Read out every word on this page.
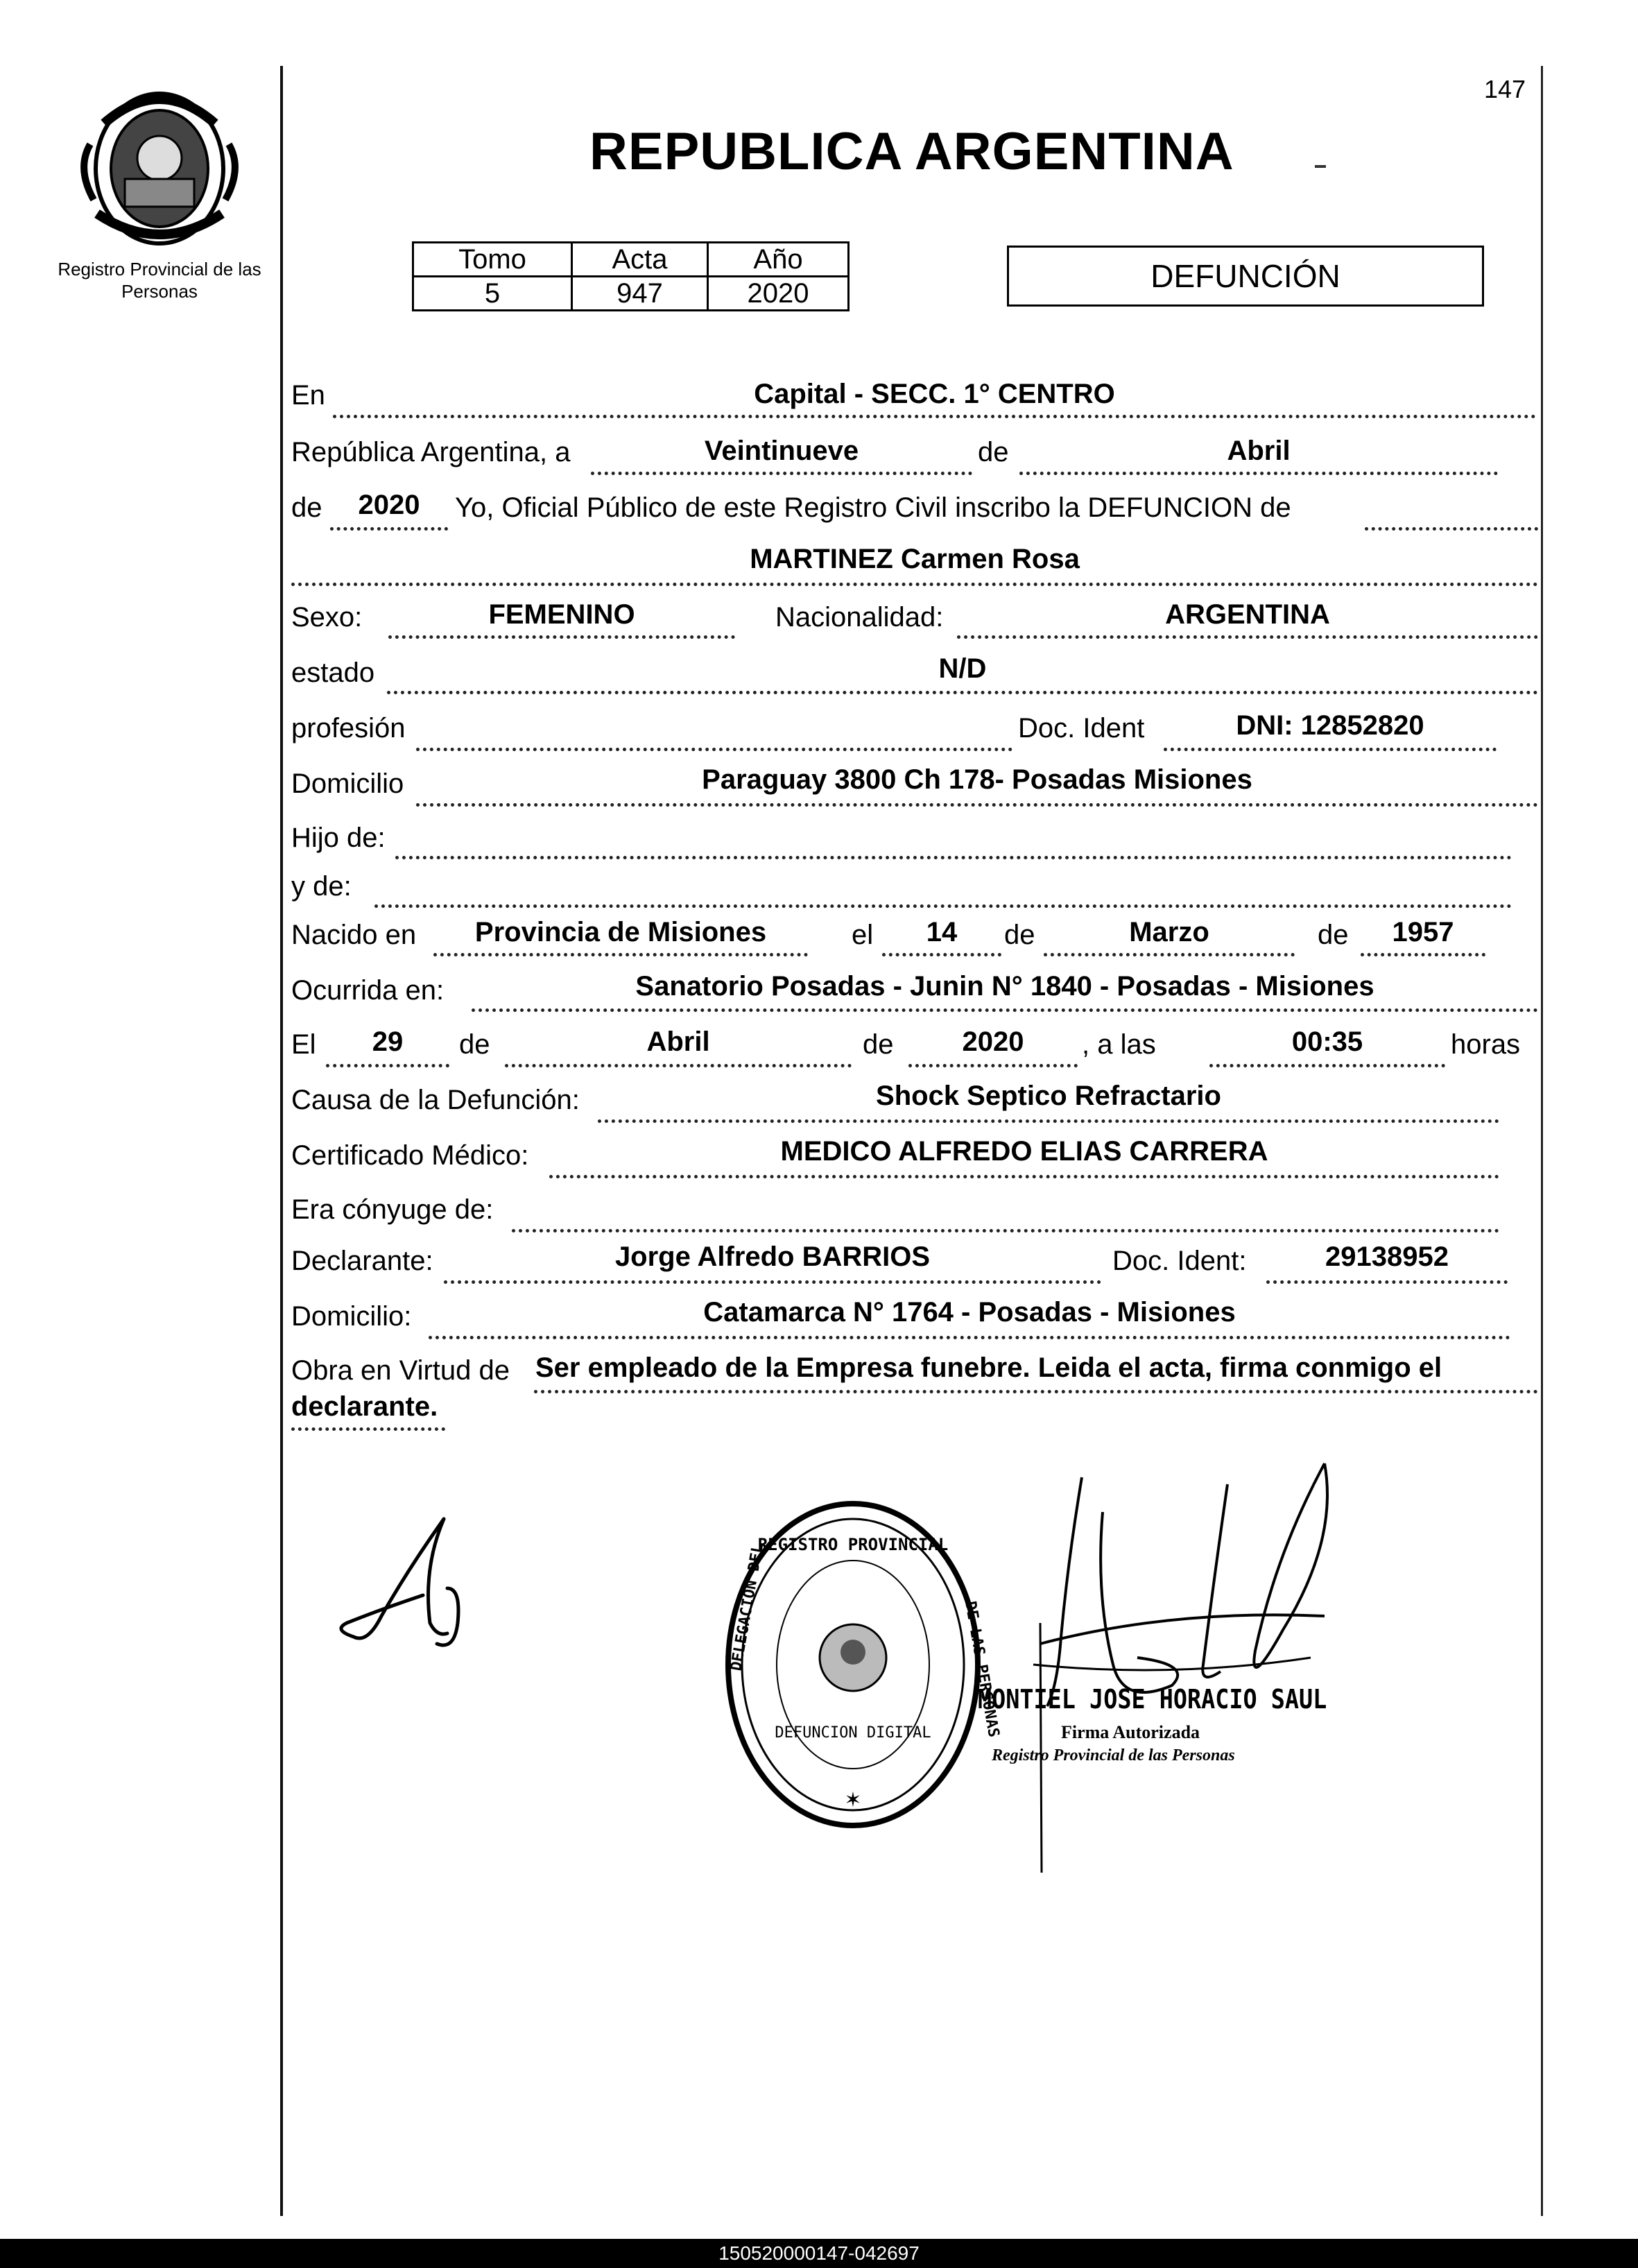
Registro Provincial de las Personas
147
REPUBLICA ARGENTINA
Tomo	Acta	Año
5	947	2020	DEFUNCIÓN
En	Capital - SECC. 1° CENTRO
República Argentina, a	Veintinueve	de	Abril
de	2020	Yo, Oficial Público de este Registro Civil inscribo la DEFUNCION de
MARTINEZ Carmen Rosa
Sexo:	FEMENINO	Nacionalidad:	ARGENTINA
estado	N/D
profesión	Doc. Ident	DNI: 12852820
Domicilio	Paraguay 3800 Ch 178- Posadas Misiones
Hijo de:
y de:
Nacido en	Provincia de Misiones	el	14	de	Marzo	de	1957
Ocurrida en:	Sanatorio Posadas - Junin N° 1840 - Posadas - Misiones
El	29	de	Abril	de	2020	, a las	00:35	horas
Causa de la Defunción:	Shock Septico Refractario
Certificado Médico:	MEDICO ALFREDO ELIAS CARRERA
Era cónyuge de:
Declarante:	Jorge Alfredo BARRIOS	Doc. Ident:	29138952
Domicilio:	Catamarca N° 1764 - Posadas - Misiones
Obra en Virtud de Ser empleado de la Empresa funebre. Leida el acta, firma conmigo el
declarante.
REGISTRO PROVINCIAL
DELEGACION DEL	DE LAS PERSONAS
DEFUNCION DIGITAL
✶
MONTIEL JOSE HORACIO SAUL
Firma Autorizada
Registro Provincial de las Personas
150520000147-042697
